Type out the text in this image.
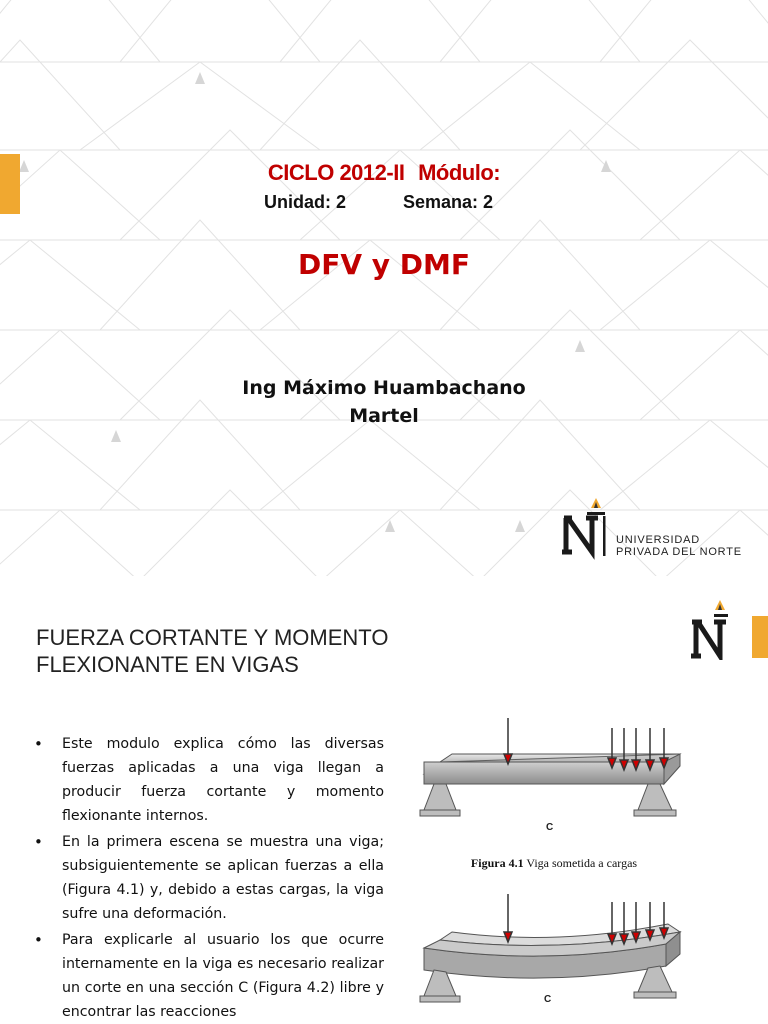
CICLO 2012-II Módulo:
Unidad: 2	Semana: 2
DFV y DMF
Ing Máximo Huambachano
Martel
UNIVERSIDAD
PRIVADA DEL NORTE
FUERZA CORTANTE Y MOMENTO
FLEXIONANTE EN VIGAS
• Este modulo explica cómo las diversas fuerzas aplicadas a una viga llegan a producir fuerza cortante y momento flexionante internos.
• En la primera escena se muestra una viga; subsiguientemente se aplican fuerzas a ella (Figura 4.1) y, debido a estas cargas, la viga sufre una deformación.
• Para explicarle al usuario los que ocurre internamente en la viga es necesario realizar un corte en una sección C (Figura 4.2) libre y encontrar las reacciones
C
Figura 4.1 Viga sometida a cargas
C
